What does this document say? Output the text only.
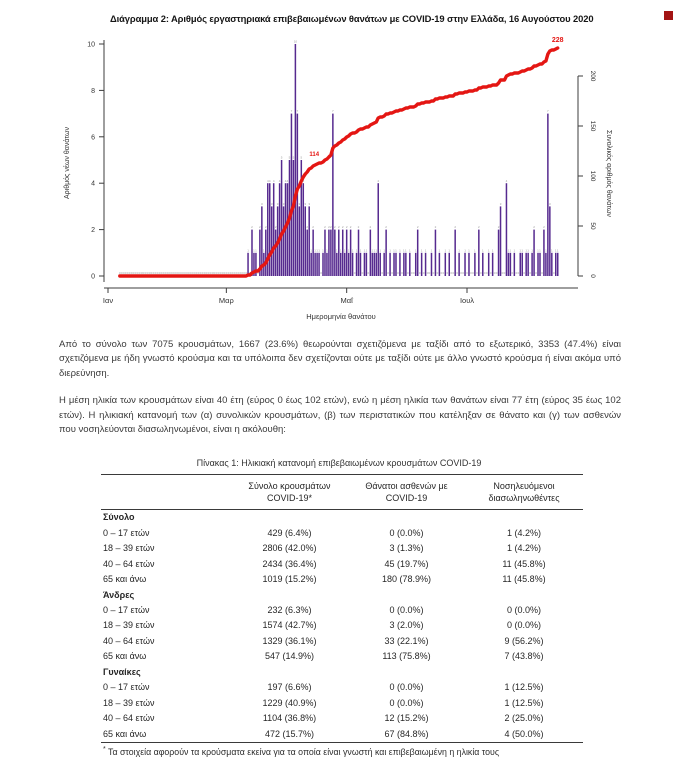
Διάγραμμα 2: Αριθμός εργαστηριακά επιβεβαιωμένων θανάτων με COVID-19 στην Ελλάδα, 16 Αυγούστου 2020
0
2
4
6
8
10
Αριθμός νέων θανάτων
0
50
100
150
200
Συνολικός αριθμός θανάτων
Ιαν	Μαρ	Μαΐ	Ιουλ
Ημερομηνία θανάτου
0 0 0 0 0 0 0 0 0 0 0 0 0 0 0 0 0 0 0 0 0 0 0 0 0 0 0 0 0 0 0 0 0 0 0 0 0 0 0 0 0 0 0 0 0 0 0 0 0 0 0 0 0 0 0 0 0 0 0 0 0 0 0 0 0
1
0
2
1 1
0
2
3
1
2
4 4
3
4
2
3
4
5
3
4 4
5
7
5
10
7
3
5
4
3
2
3
1
2
1 1 1
0
1
2
1
2 2
7
2
1
2
1
2
1
2
1
2
1
0
1
2
1
0
1 1
0
2
1 1 1
4
1
0
1
2
0
1
0
1 1
0
1
0
1 1
0
1
0 0
1
2
0
1
0
1
0 0
1
0
2
0
1
0 0
1
0
1
0 0
2
0
1
0 0
1
0
1
0 0
1
0
2
0
1
0 0
1
0
1
0 0
2
3
0 0
4
1 1
0
1
0 0
1 1
0
1 1
0
1
2
0
1 1
0
2
1
7
3
1
0
1 1
114
228

Από το σύνολο των 7075 κρουσμάτων, 1667 (23.6%) θεωρούνται σχετιζόμενα με ταξίδι από το εξωτερικό, 3353 (47.4%) είναι σχετιζόμενα με ήδη γνωστό κρούσμα και τα υπόλοιπα δεν σχετίζονται ούτε με ταξίδι ούτε με άλλο γνωστό κρούσμα ή είναι ακόμα υπό διερεύνηση.

Η μέση ηλικία των κρουσμάτων είναι 40 έτη (εύρος 0 έως 102 ετών), ενώ η μέση ηλικία των θανάτων είναι 77 έτη (εύρος 35 έως 102 ετών). Η ηλικιακή κατανομή των (α) συνολικών κρουσμάτων, (β) των περιστατικών που κατέληξαν σε θάνατο και (γ) των ασθενών που νοσηλεύονται διασωληνωμένοι, είναι η ακόλουθη:

Πίνακας 1: Ηλικιακή κατανομή επιβεβαιωμένων κρουσμάτων COVID-19
	Σύνολο κρουσμάτων COVID-19*	Θάνατοι ασθενών με COVID-19	Νοσηλευόμενοι διασωληνωθέντες
Σύνολο			
0 – 17 ετών	429 (6.4%)	0 (0.0%)	1 (4.2%)
18 – 39 ετών	2806 (42.0%)	3 (1.3%)	1 (4.2%)
40 – 64 ετών	2434 (36.4%)	45 (19.7%)	11 (45.8%)
65 και άνω	1019 (15.2%)	180 (78.9%)	11 (45.8%)
Άνδρες			
0 – 17 ετών	232 (6.3%)	0 (0.0%)	0 (0.0%)
18 – 39 ετών	1574 (42.7%)	3 (2.0%)	0 (0.0%)
40 – 64 ετών	1329 (36.1%)	33 (22.1%)	9 (56.2%)
65 και άνω	547 (14.9%)	113 (75.8%)	7 (43.8%)
Γυναίκες			
0 – 17 ετών	197 (6.6%)	0 (0.0%)	1 (12.5%)
18 – 39 ετών	1229 (40.9%)	0 (0.0%)	1 (12.5%)
40 – 64 ετών	1104 (36.8%)	12 (15.2%)	2 (25.0%)
65 και άνω	472 (15.7%)	67 (84.8%)	4 (50.0%)
* Τα στοιχεία αφορούν τα κρούσματα εκείνα για τα οποία είναι γνωστή και επιβεβαιωμένη η ηλικία τους
